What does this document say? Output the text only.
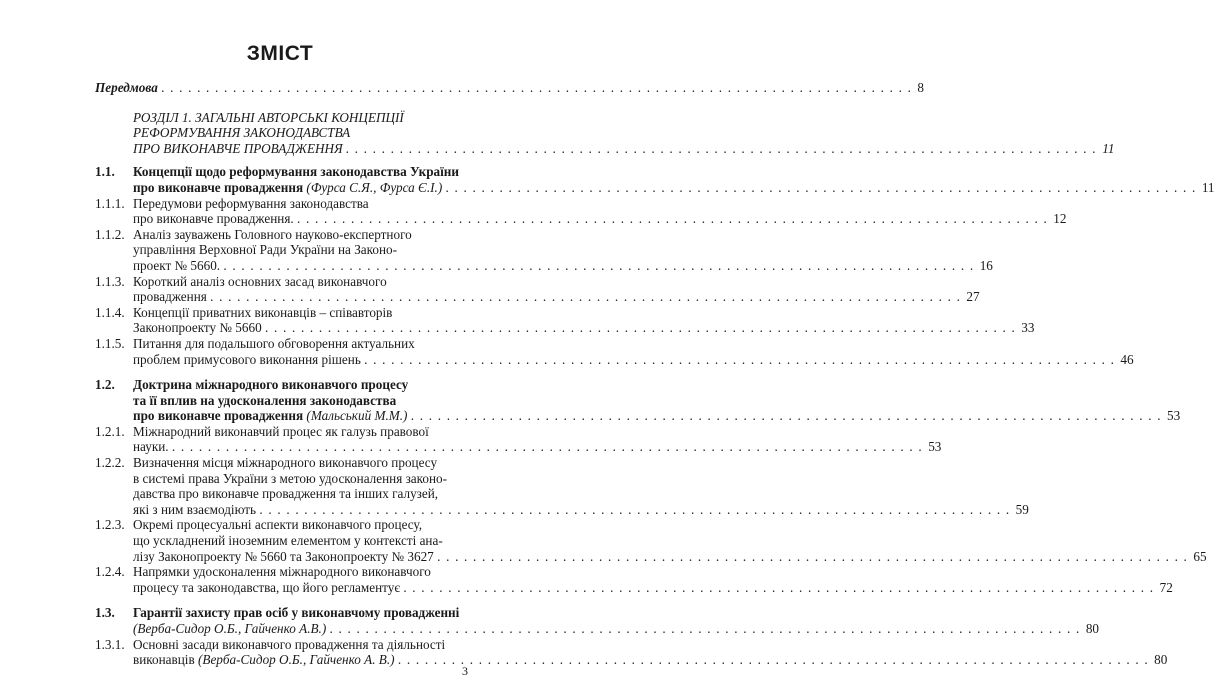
ЗМІСТ
Передмова . . .	8
РОЗДІЛ 1. ЗАГАЛЬНІ АВТОРСЬКІ КОНЦЕПЦІЇ
РЕФОРМУВАННЯ ЗАКОНОДАВСТВА
ПРО ВИКОНАВЧЕ ПРОВАДЖЕННЯ . . .	11
1.1.	Концепції щодо реформування законодавства України
про виконавче провадження (Фурса С.Я., Фурса Є.І.) . . .	11
1.1.1. Передумови реформування законодавства
про виконавче провадження. . . .	12
1.1.2. Аналіз зауважень Головного науково-експертного
управління Верховної Ради України на Законо-
проект № 5660. . . .	16
1.1.3. Короткий аналіз основних засад виконавчого
провадження . . .	27
1.1.4. Концепції приватних виконавців – співавторів
Законопроекту № 5660 . . .	33
1.1.5. Питання для подальшого обговорення актуальних
проблем примусового виконання рішень . . .	46
1.2.	Доктрина міжнародного виконавчого процесу
та її вплив на удосконалення законодавства
про виконавче провадження (Мальський М.М.) . . .	53
1.2.1. Міжнародний виконавчий процес як галузь правової
науки. . . .	53
1.2.2. Визначення місця міжнародного виконавчого процесу
в системі права України з метою удосконалення законо-
давства про виконавче провадження та інших галузей,
які з ним взаємодіють . . .	59
1.2.3. Окремі процесуальні аспекти виконавчого процесу,
що ускладнений іноземним елементом у контексті ана-
лізу Законопроекту № 5660 та Законопроекту № 3627 . . .	65
1.2.4. Напрямки удосконалення міжнародного виконавчого
процесу та законодавства, що його регламентує . . .	72
1.3.	Гарантії захисту прав осіб у виконавчому провадженні
(Верба-Сидор О.Б., Гайченко А.В.) . . .	80
1.3.1. Основні засади виконавчого провадження та діяльності
виконавців (Верба-Сидор О.Б., Гайченко А. В.) . . .	80
3
